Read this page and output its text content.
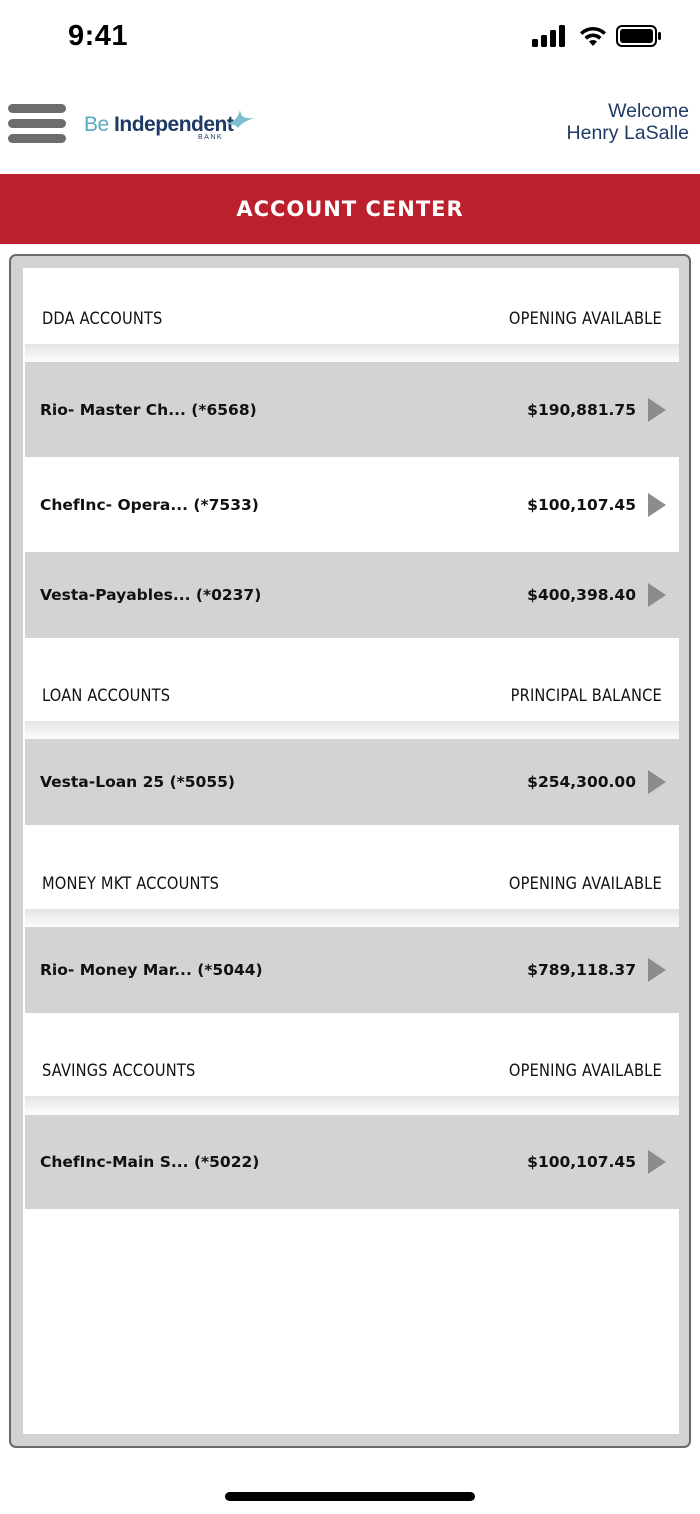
9:41
Be Independent
BANK
Welcome
Henry LaSalle
ACCOUNT CENTER
DDA ACCOUNTS	OPENING AVAILABLE
Rio- Master Ch... (*6568)	$190,881.75
ChefInc- Opera... (*7533)	$100,107.45
Vesta-Payables... (*0237)	$400,398.40
LOAN ACCOUNTS	PRINCIPAL BALANCE
Vesta-Loan 25 (*5055)	$254,300.00
MONEY MKT ACCOUNTS	OPENING AVAILABLE
Rio- Money Mar... (*5044)	$789,118.37
SAVINGS ACCOUNTS	OPENING AVAILABLE
ChefInc-Main S... (*5022)	$100,107.45
